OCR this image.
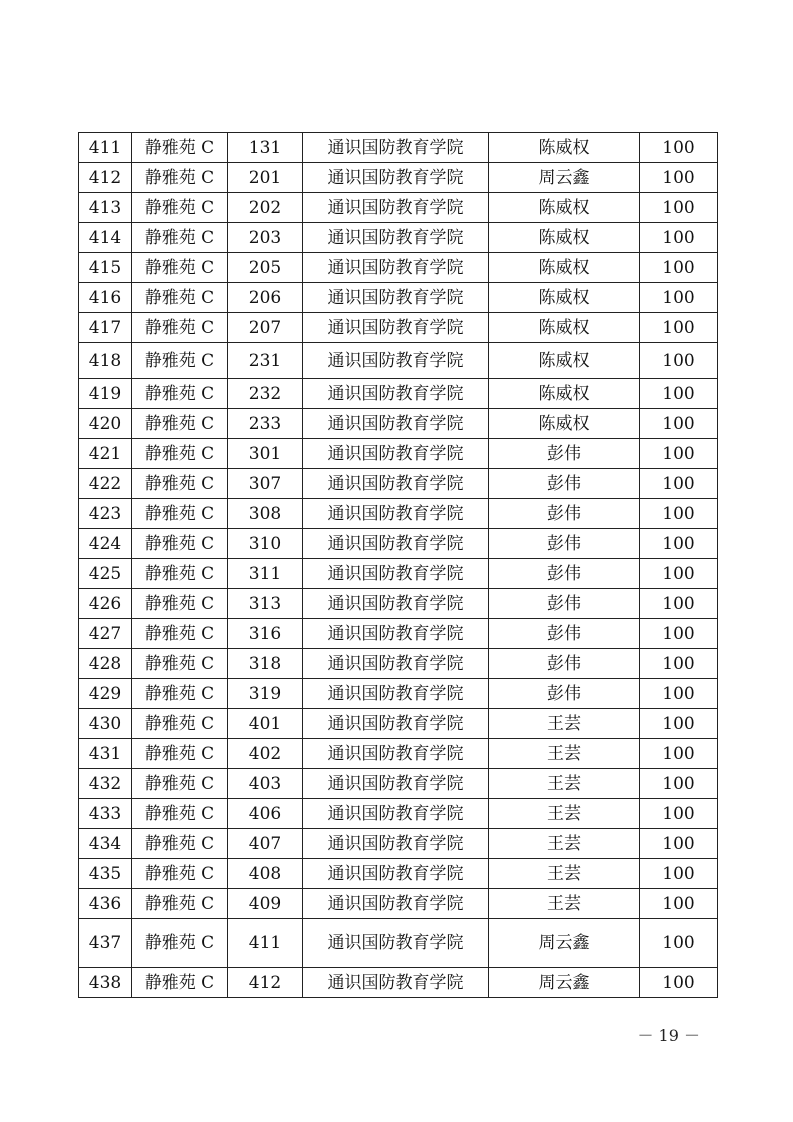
411	静雅苑 C	131	通识国防教育学院	陈威权	100
412	静雅苑 C	201	通识国防教育学院	周云鑫	100
413	静雅苑 C	202	通识国防教育学院	陈威权	100
414	静雅苑 C	203	通识国防教育学院	陈威权	100
415	静雅苑 C	205	通识国防教育学院	陈威权	100
416	静雅苑 C	206	通识国防教育学院	陈威权	100
417	静雅苑 C	207	通识国防教育学院	陈威权	100
418	静雅苑 C	231	通识国防教育学院	陈威权	100
419	静雅苑 C	232	通识国防教育学院	陈威权	100
420	静雅苑 C	233	通识国防教育学院	陈威权	100
421	静雅苑 C	301	通识国防教育学院	彭伟	100
422	静雅苑 C	307	通识国防教育学院	彭伟	100
423	静雅苑 C	308	通识国防教育学院	彭伟	100
424	静雅苑 C	310	通识国防教育学院	彭伟	100
425	静雅苑 C	311	通识国防教育学院	彭伟	100
426	静雅苑 C	313	通识国防教育学院	彭伟	100
427	静雅苑 C	316	通识国防教育学院	彭伟	100
428	静雅苑 C	318	通识国防教育学院	彭伟	100
429	静雅苑 C	319	通识国防教育学院	彭伟	100
430	静雅苑 C	401	通识国防教育学院	王芸	100
431	静雅苑 C	402	通识国防教育学院	王芸	100
432	静雅苑 C	403	通识国防教育学院	王芸	100
433	静雅苑 C	406	通识国防教育学院	王芸	100
434	静雅苑 C	407	通识国防教育学院	王芸	100
435	静雅苑 C	408	通识国防教育学院	王芸	100
436	静雅苑 C	409	通识国防教育学院	王芸	100
437	静雅苑 C	411	通识国防教育学院	周云鑫	100
438	静雅苑 C	412	通识国防教育学院	周云鑫	100
－ 19 －
